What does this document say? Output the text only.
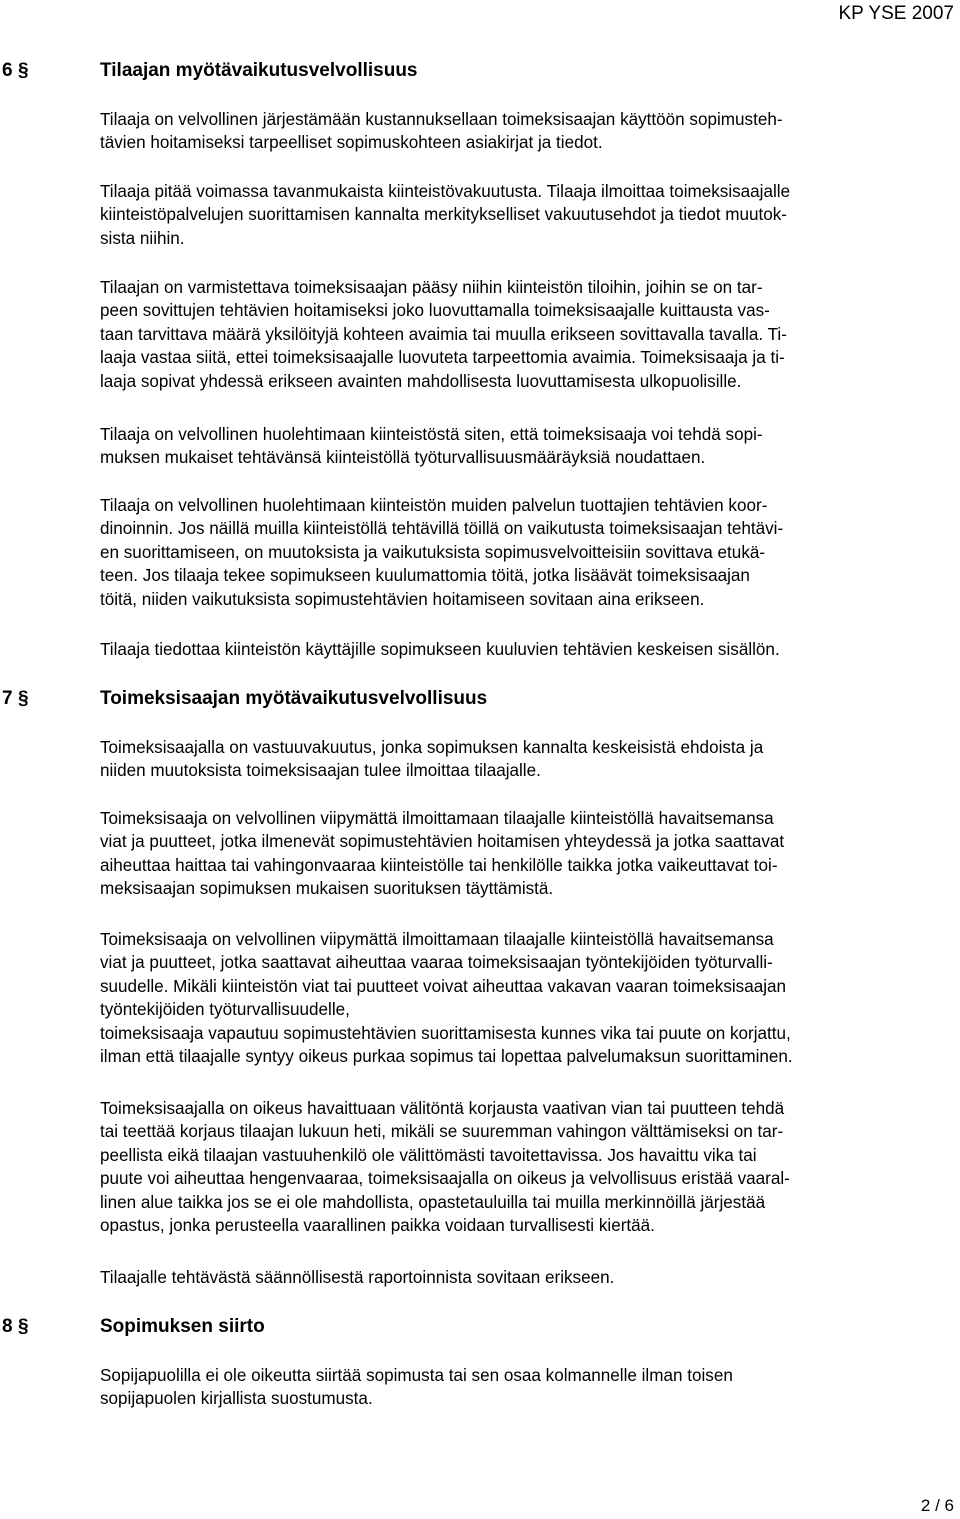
KP YSE 2007
6 §	Tilaajan myötävaikutusvelvollisuus

Tilaaja on velvollinen järjestämään kustannuksellaan toimeksisaajan käyttöön sopimusteh-
tävien hoitamiseksi tarpeelliset sopimuskohteen asiakirjat ja tiedot.

Tilaaja pitää voimassa tavanmukaista kiinteistövakuutusta. Tilaaja ilmoittaa toimeksisaajalle
kiinteistöpalvelujen suorittamisen kannalta merkitykselliset vakuutusehdot ja tiedot muutok-
sista niihin.

Tilaajan on varmistettava toimeksisaajan pääsy niihin kiinteistön tiloihin, joihin se on tar-
peen sovittujen tehtävien hoitamiseksi joko luovuttamalla toimeksisaajalle kuittausta vas-
taan tarvittava määrä yksilöityjä kohteen avaimia tai muulla erikseen sovittavalla tavalla. Ti-
laaja vastaa siitä, ettei toimeksisaajalle luovuteta tarpeettomia avaimia. Toimeksisaaja ja ti-
laaja sopivat yhdessä erikseen avainten mahdollisesta luovuttamisesta ulkopuolisille.

Tilaaja on velvollinen huolehtimaan kiinteistöstä siten, että toimeksisaaja voi tehdä sopi-
muksen mukaiset tehtävänsä kiinteistöllä työturvallisuusmääräyksiä noudattaen.

Tilaaja on velvollinen huolehtimaan kiinteistön muiden palvelun tuottajien tehtävien koor-
dinoinnin. Jos näillä muilla kiinteistöllä tehtävillä töillä on vaikutusta toimeksisaajan tehtävi-
en suorittamiseen, on muutoksista ja vaikutuksista sopimusvelvoitteisiin sovittava etukä-
teen. Jos tilaaja tekee sopimukseen kuulumattomia töitä, jotka lisäävät toimeksisaajan
töitä, niiden vaikutuksista sopimustehtävien hoitamiseen sovitaan aina erikseen.

Tilaaja tiedottaa kiinteistön käyttäjille sopimukseen kuuluvien tehtävien keskeisen sisällön.

7 §	Toimeksisaajan myötävaikutusvelvollisuus

Toimeksisaajalla on vastuuvakuutus, jonka sopimuksen kannalta keskeisistä ehdoista ja
niiden muutoksista toimeksisaajan tulee ilmoittaa tilaajalle.

Toimeksisaaja on velvollinen viipymättä ilmoittamaan tilaajalle kiinteistöllä havaitsemansa
viat ja puutteet, jotka ilmenevät sopimustehtävien hoitamisen yhteydessä ja jotka saattavat
aiheuttaa haittaa tai vahingonvaaraa kiinteistölle tai henkilölle taikka jotka vaikeuttavat toi-
meksisaajan sopimuksen mukaisen suorituksen täyttämistä.

Toimeksisaaja on velvollinen viipymättä ilmoittamaan tilaajalle kiinteistöllä havaitsemansa
viat ja puutteet, jotka saattavat aiheuttaa vaaraa toimeksisaajan työntekijöiden työturvalli-
suudelle. Mikäli kiinteistön viat tai puutteet voivat aiheuttaa vakavan vaaran toimeksisaajan
työntekijöiden työturvallisuudelle,
toimeksisaaja vapautuu sopimustehtävien suorittamisesta kunnes vika tai puute on korjattu,
ilman että tilaajalle syntyy oikeus purkaa sopimus tai lopettaa palvelumaksun suorittaminen.

Toimeksisaajalla on oikeus havaittuaan välitöntä korjausta vaativan vian tai puutteen tehdä
tai teettää korjaus tilaajan lukuun heti, mikäli se suuremman vahingon välttämiseksi on tar-
peellista eikä tilaajan vastuuhenkilö ole välittömästi tavoitettavissa. Jos havaittu vika tai
puute voi aiheuttaa hengenvaaraa, toimeksisaajalla on oikeus ja velvollisuus eristää vaaral-
linen alue taikka jos se ei ole mahdollista, opastetauluilla tai muilla merkinnöillä järjestää
opastus, jonka perusteella vaarallinen paikka voidaan turvallisesti kiertää.

Tilaajalle tehtävästä säännöllisestä raportoinnista sovitaan erikseen.

8 §	Sopimuksen siirto

Sopijapuolilla ei ole oikeutta siirtää sopimusta tai sen osaa kolmannelle ilman toisen
sopijapuolen kirjallista suostumusta.

2 / 6
